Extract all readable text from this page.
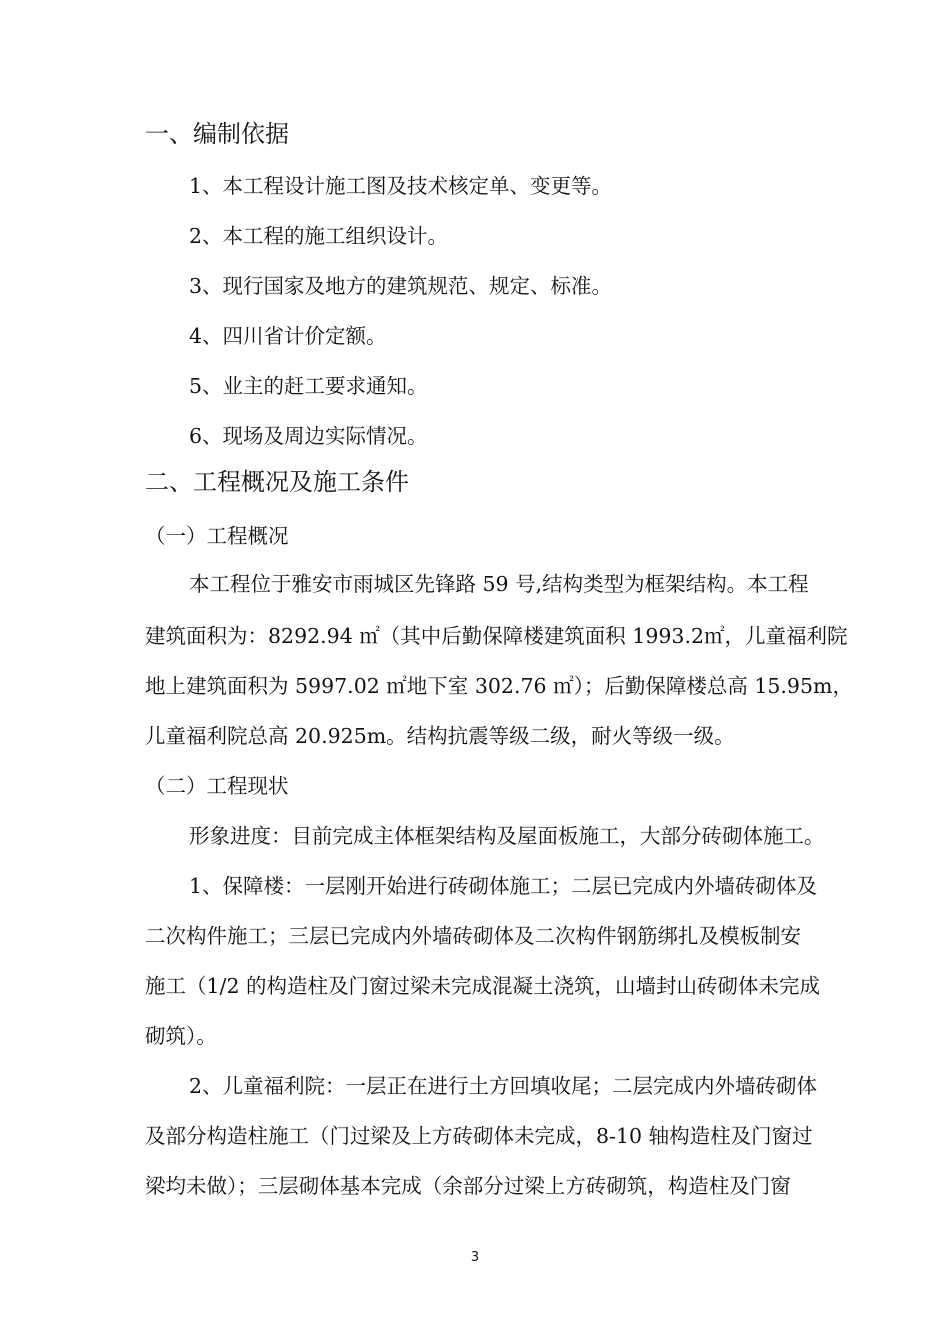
一、编制依据
1、本工程设计施工图及技术核定单、变更等。
2、本工程的施工组织设计。
3、现行国家及地方的建筑规范、规定、标准。
4、四川省计价定额。
5、业主的赶工要求通知。
6、现场及周边实际情况。
二、工程概况及施工条件
（一）工程概况
本工程位于雅安市雨城区先锋路 59 号,结构类型为框架结构。本工程
建筑面积为：8292.94 ㎡（其中后勤保障楼建筑面积 1993.2㎡，儿童福利院
地上建筑面积为 5997.02 ㎡地下室 302.76 ㎡）；后勤保障楼总高 15.95m，
儿童福利院总高 20.925m。结构抗震等级二级，耐火等级一级。
（二）工程现状
形象进度：目前完成主体框架结构及屋面板施工，大部分砖砌体施工。
1、保障楼：一层刚开始进行砖砌体施工；二层已完成内外墙砖砌体及
二次构件施工；三层已完成内外墙砖砌体及二次构件钢筋绑扎及模板制安
施工（1/2 的构造柱及门窗过梁未完成混凝土浇筑，山墙封山砖砌体未完成
砌筑）。
2、儿童福利院：一层正在进行土方回填收尾；二层完成内外墙砖砌体
及部分构造柱施工（门过梁及上方砖砌体未完成，8-10 轴构造柱及门窗过
梁均未做）；三层砌体基本完成（余部分过梁上方砖砌筑，构造柱及门窗
3
